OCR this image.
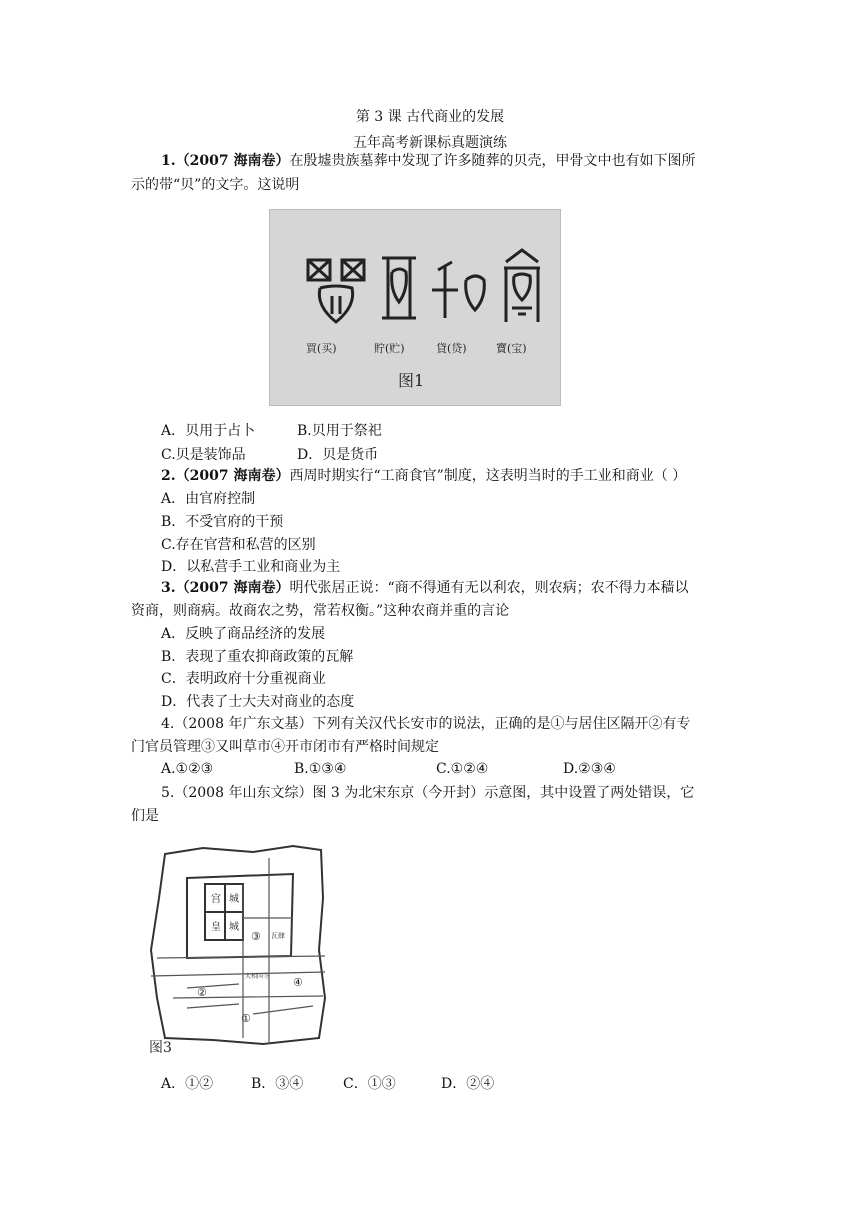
第 3 课 古代商业的发展
五年高考新课标真题演练
1.（2007 海南卷）在殷墟贵族墓葬中发现了许多随葬的贝壳，甲骨文中也有如下图所
示的带“贝”的文字。这说明
買(买)	貯(贮)	貸(贷)	寶(宝)
图1
A．贝用于占卜	B.贝用于祭祀
C.贝是装饰品	D．贝是货币
2.（2007 海南卷）西周时期实行“工商食官”制度，这表明当时的手工业和商业（ ）
A．由官府控制
B．不受官府的干预
C.存在官营和私营的区别
D．以私营手工业和商业为主
3.（2007 海南卷）明代张居正说：“商不得通有无以利农，则农病；农不得力本穑以
资商，则商病。故商农之势，常若权衡。”这种农商并重的言论
A．反映了商品经济的发展
B．表现了重农抑商政策的瓦解
C．表明政府十分重视商业
D．代表了士大夫对商业的态度
4.（2008 年广东文基）下列有关汉代长安市的说法，正确的是①与居住区隔开②有专
门官员管理③又叫草市④开市闭市有严格时间规定
A.①②③	B.①③④	C.①②④	D.②③④
5.（2008 年山东文综）图 3 为北宋东京（今开封）示意图，其中设置了两处错误，它
们是
宫 城
皇 城
瓦肆
大相国寺
①
②
③
④
图3
A．①②	B．③④	C．①③	D．②④
